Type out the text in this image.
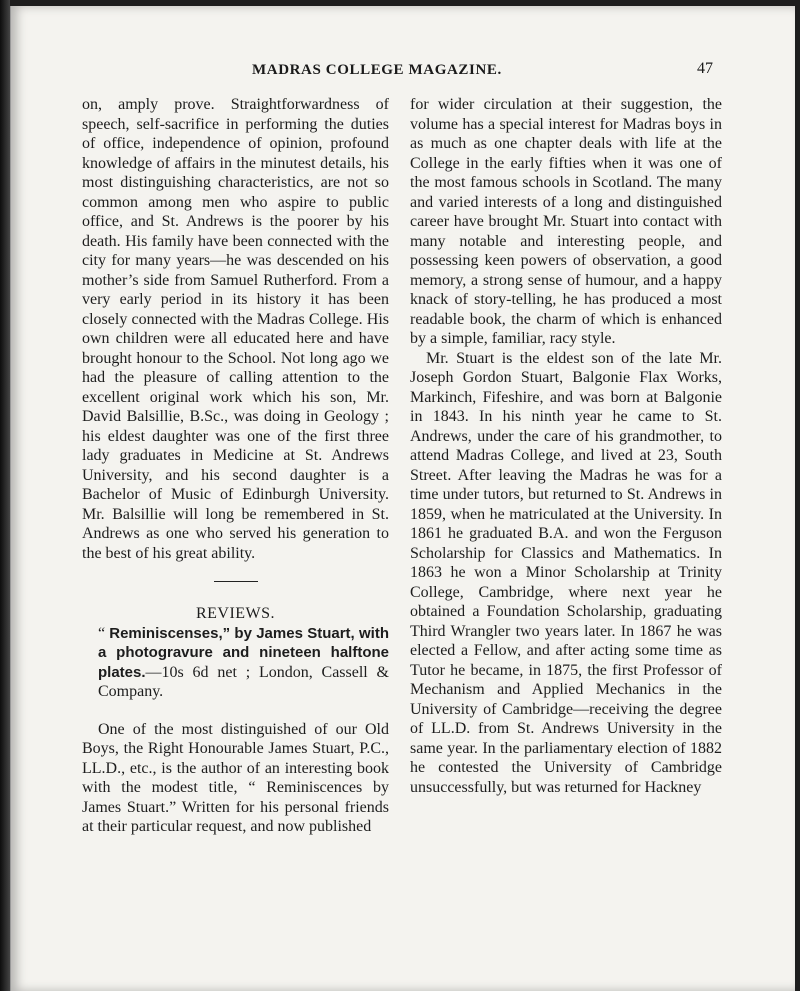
MADRAS COLLEGE MAGAZINE.	47

on, amply prove. Straightforwardness of speech, self-sacrifice in performing the duties of office, independence of opinion, profound knowledge of affairs in the minutest details, his most distinguishing characteristics, are not so common among men who aspire to public office, and St. Andrews is the poorer by his death. His family have been connected with the city for many years—he was descended on his mother’s side from Samuel Rutherford. From a very early period in its history it has been closely connected with the Madras College. His own children were all educated here and have brought honour to the School. Not long ago we had the pleasure of calling attention to the excellent original work which his son, Mr. David Balsillie, B.Sc., was doing in Geology ; his eldest daughter was one of the first three lady graduates in Medicine at St. Andrews University, and his second daughter is a Bachelor of Music of Edinburgh University. Mr. Balsillie will long be remembered in St. Andrews as one who served his generation to the best of his great ability.

REVIEWS.

“ Reminiscenses,” by James Stuart, with a photogravure and nineteen halftone plates.—10s 6d net ; London, Cassell & Company.

One of the most distinguished of our Old Boys, the Right Honourable James Stuart, P.C., LL.D., etc., is the author of an interesting book with the modest title, “ Reminiscences by James Stuart.” Written for his personal friends at their particular request, and now published

for wider circulation at their suggestion, the volume has a special interest for Madras boys in as much as one chapter deals with life at the College in the early fifties when it was one of the most famous schools in Scotland. The many and varied interests of a long and distinguished career have brought Mr. Stuart into contact with many notable and interesting people, and possessing keen powers of observation, a good memory, a strong sense of humour, and a happy knack of story-telling, he has produced a most readable book, the charm of which is enhanced by a simple, familiar, racy style.

Mr. Stuart is the eldest son of the late Mr. Joseph Gordon Stuart, Balgonie Flax Works, Markinch, Fifeshire, and was born at Balgonie in 1843. In his ninth year he came to St. Andrews, under the care of his grandmother, to attend Madras College, and lived at 23, South Street. After leaving the Madras he was for a time under tutors, but returned to St. Andrews in 1859, when he matriculated at the University. In 1861 he graduated B.A. and won the Ferguson Scholarship for Classics and Mathematics. In 1863 he won a Minor Scholarship at Trinity College, Cambridge, where next year he obtained a Foundation Scholarship, graduating Third Wrangler two years later. In 1867 he was elected a Fellow, and after acting some time as Tutor he became, in 1875, the first Professor of Mechanism and Applied Mechanics in the University of Cambridge—receiving the degree of LL.D. from St. Andrews University in the same year. In the parliamentary election of 1882 he contested the University of Cambridge unsuccessfully, but was returned for Hackney
